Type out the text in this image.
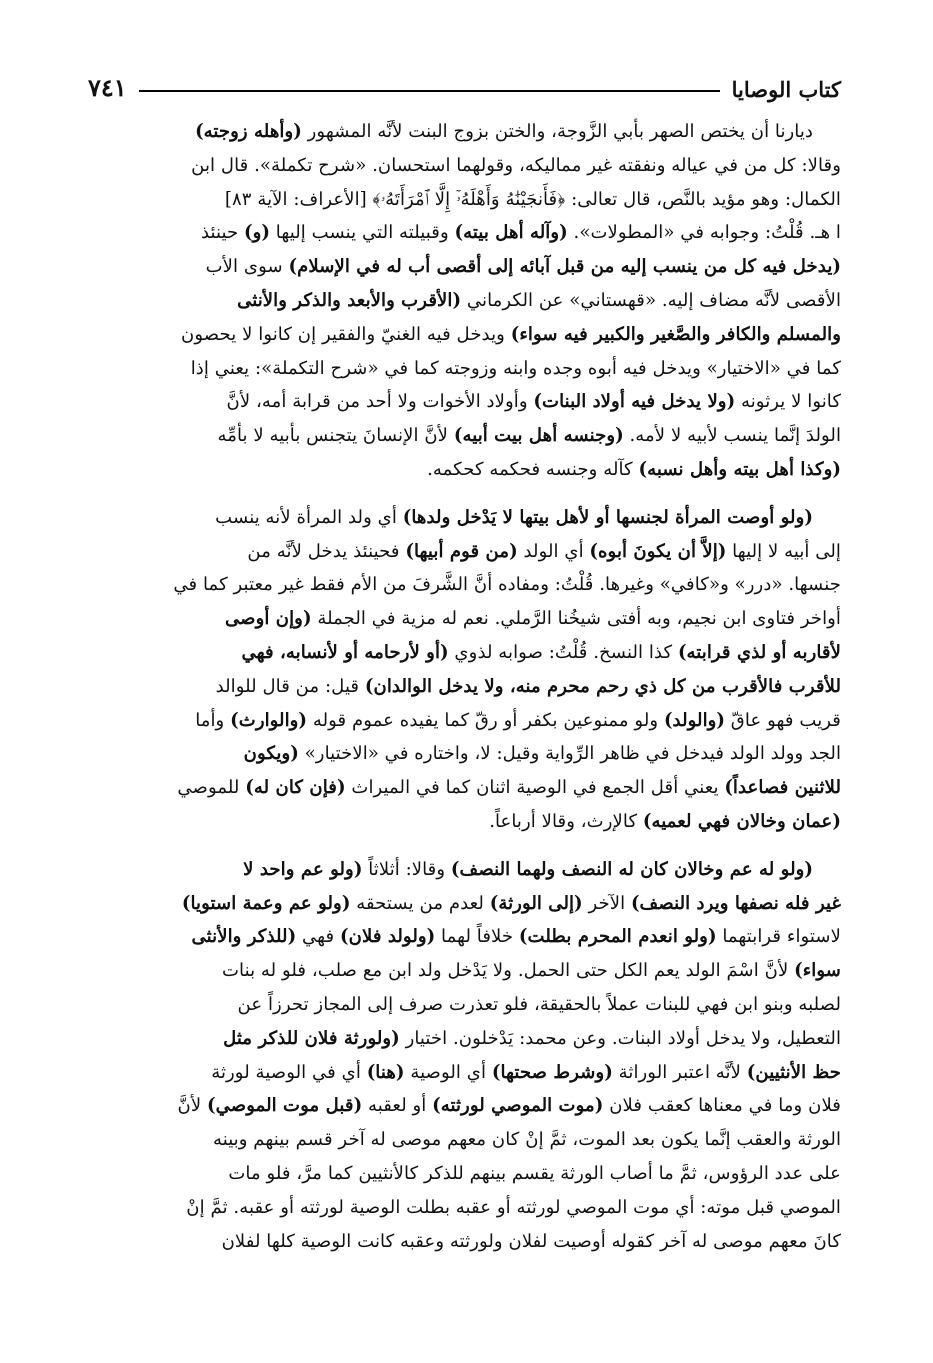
كتاب الوصايا
٧٤١
ديارنا أن يختص الصهر بأبي الزَّوجة، والختن بزوج البنت لأنَّه المشهور (وأهله زوجته)
وقالا: كل من في عياله ونفقته غير مماليكه، وقولهما استحسان. «شرح تكملة». قال ابن
الكمال: وهو مؤيد بالنَّص، قال تعالى: ﴿فَأَنجَيْنَٰهُ وَأَهْلَهُۥٓ إِلَّا ٱمْرَأَتَهُۥ﴾ [الأعراف: الآية ٨٣]
ا هـ. قُلْتُ: وجوابه في «المطولات». (وآله أهل بيته) وقبيلته التي ينسب إليها (و) حينئذ
(يدخل فيه كل من ينسب إليه من قبل آبائه إلى أقصى أب له في الإسلام) سوى الأب
الأقصى لأنَّه مضاف إليه. «قهستاني» عن الكرماني (الأقرب والأبعد والذكر والأنثى
والمسلم والكافر والصَّغير والكبير فيه سواء) ويدخل فيه الغنيّ والفقير إن كانوا لا يحصون
كما في «الاختيار» ويدخل فيه أبوه وجده وابنه وزوجته كما في «شرح التكملة»: يعني إذا
كانوا لا يرثونه (ولا يدخل فيه أولاد البنات) وأولاد الأخوات ولا أحد من قرابة أمه، لأنَّ
الولدَ إنَّما ينسب لأبيه لا لأمه. (وجنسه أهل بيت أبيه) لأنَّ الإنسانَ يتجنس بأبيه لا بأمِّه
(وكذا أهل بيته وأهل نسبه) كآله وجنسه فحكمه كحكمه.
(ولو أوصت المرأة لجنسها أو لأهل بيتها لا يَدْخل ولدها) أي ولد المرأة لأنه ينسب
إلى أبيه لا إليها (إلاَّ أن يكونَ أبوه) أي الولد (من قوم أبيها) فحينئذ يدخل لأنَّه من
جنسها. «درر» و«كافي» وغيرها. قُلْتُ: ومفاده أنَّ الشَّرفَ من الأم فقط غير معتبر كما في
أواخر فتاوى ابن نجيم، وبه أفتى شيخُنا الرَّملي. نعم له مزية في الجملة (وإن أوصى
لأقاربه أو لذي قرابته) كذا النسخ. قُلْتُ: صوابه لذوي (أو لأرحامه أو لأنسابه، فهي
للأقرب فالأقرب من كل ذي رحم محرم منه، ولا يدخل الوالدان) قيل: من قال للوالد
قريب فهو عاقّ (والولد) ولو ممنوعين بكفر أو رقّ كما يفيده عموم قوله (والوارث) وأما
الجد وولد الولد فيدخل في ظاهر الرِّواية وقيل: لا، واختاره في «الاختيار» (ويكون
للاثنين فصاعداً) يعني أقل الجمع في الوصية اثنان كما في الميراث (فإن كان له) للموصي
(عمان وخالان فهي لعميه) كالإرث، وقالا أرباعاً.
(ولو له عم وخالان كان له النصف ولهما النصف) وقالا: أثلاثاً (ولو عم واحد لا
غير فله نصفها ويرد النصف) الآخر (إلى الورثة) لعدم من يستحقه (ولو عم وعمة استويا)
لاستواء قرابتهما (ولو انعدم المحرم بطلت) خلافاً لهما (ولولد فلان) فهي (للذكر والأنثى
سواء) لأنَّ اسْمَ الولد يعم الكل حتى الحمل. ولا يَدْخل ولد ابن مع صلب، فلو له بنات
لصلبه وبنو ابن فهي للبنات عملاً بالحقيقة، فلو تعذرت صرف إلى المجاز تحرزاً عن
التعطيل، ولا يدخل أولاد البنات. وعن محمد: يَدْخلون. اختيار (ولورثة فلان للذكر مثل
حظ الأنثيين) لأنَّه اعتبر الوراثة (وشرط صحتها) أي الوصية (هنا) أي في الوصية لورثة
فلان وما في معناها كعقب فلان (موت الموصي لورثته) أو لعقبه (قبل موت الموصي) لأنَّ
الورثة والعقب إنَّما يكون بعد الموت، ثمَّ إنْ كان معهم موصى له آخر قسم بينهم وبينه
على عدد الرؤوس، ثمَّ ما أصاب الورثة يقسم بينهم للذكر كالأنثيين كما مرَّ، فلو مات
الموصي قبل موته: أي موت الموصي لورثته أو عقبه بطلت الوصية لورثته أو عقبه. ثمَّ إنْ
كانَ معهم موصى له آخر كقوله أوصيت لفلان ولورثته وعقبه كانت الوصية كلها لفلان
